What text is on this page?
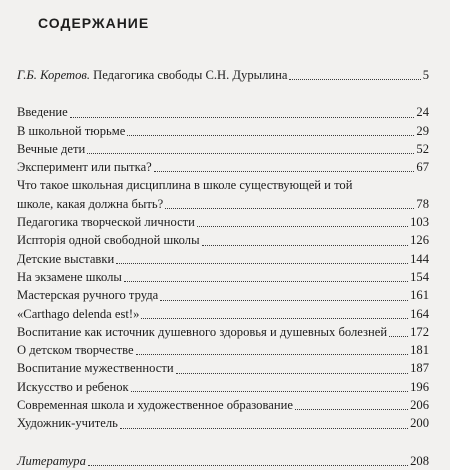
СОДЕРЖАНИЕ
Г.Б. Коретов. Педагогика свободы С.Н. Дурылина	5
Введение	24
В школьной тюрьме	29
Вечные дети	52
Эксперимент или пытка?	67
Что такое школьная дисциплина в школе существующей и той
школе, какая должна быть?	78
Педагогика творческой личности	103
Испторія одной свободной школы	126
Детские выставки	144
На экзамене школы	154
Мастерская ручного труда	161
«Carthago delenda est!»	164
Воспитание как источник душевного здоровья и душевных болезней 172
О детском творчестве	181
Воспитание мужественности	187
Искусство и ребенок	196
Современная школа и художественное образование	206
Художник-учитель	200
Литература	208
